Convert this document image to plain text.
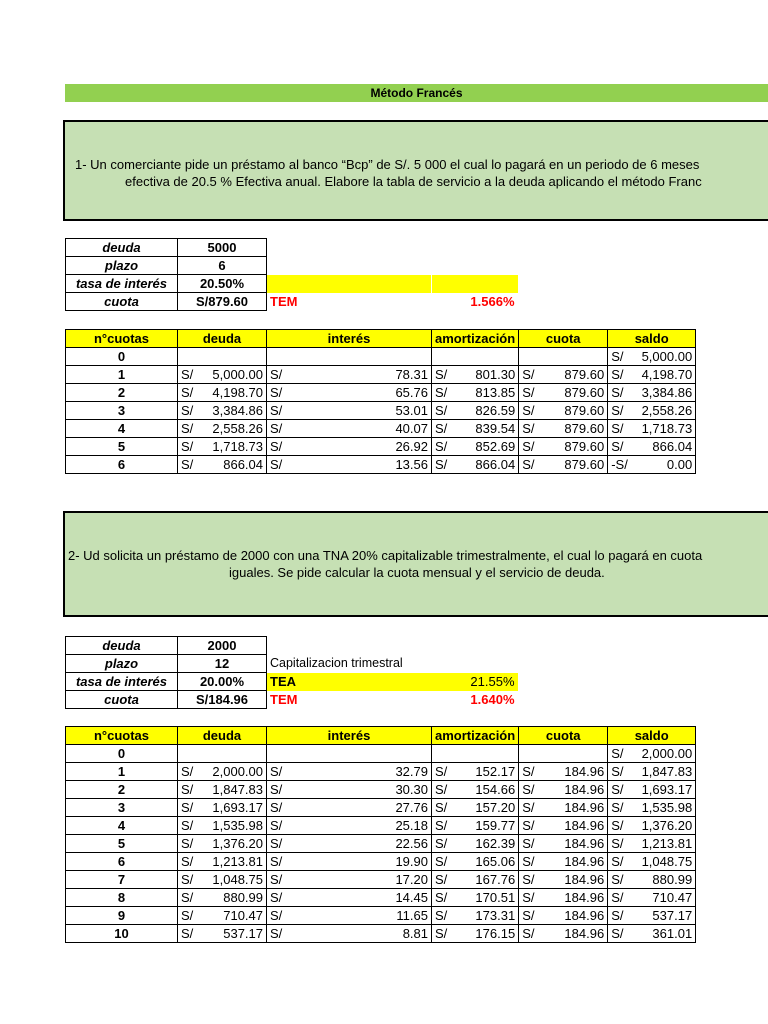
Método Francés
1- Un comerciante pide un préstamo al banco “Bcp” de S/. 5 000 el cual lo pagará en un periodo de 6 meses
efectiva de 20.5 % Efectiva anual. Elabore la tabla de servicio a la deuda aplicando el método Franc
deuda	5000		
plazo	6		
tasa de interés	20.50%		
cuota	S/879.60	TEM	1.566%
n°cuotas	deuda	interés	amortización	cuota	saldo
0					S/ 5,000.00

1	S/ 5,000.00	S/ 78.31	S/ 801.30	S/ 879.60	S/ 4,198.70

2	S/ 4,198.70	S/ 65.76	S/ 813.85	S/ 879.60	S/ 3,384.86

3	S/ 3,384.86	S/ 53.01	S/ 826.59	S/ 879.60	S/ 2,558.26

4	S/ 2,558.26	S/ 40.07	S/ 839.54	S/ 879.60	S/ 1,718.73

5	S/ 1,718.73	S/ 26.92	S/ 852.69	S/ 879.60	S/ 866.04

6	S/ 866.04	S/ 13.56	S/ 866.04	S/ 879.60	-S/ 0.00
2- Ud solicita un préstamo de 2000 con una TNA 20% capitalizable trimestralmente, el cual lo pagará en cuota
iguales. Se pide calcular la cuota mensual y el servicio de deuda.
deuda	2000		
plazo	12	Capitalizacion trimestral	
tasa de interés	20.00%	TEA	21.55%
cuota	S/184.96	TEM	1.640%
n°cuotas	deuda	interés	amortización	cuota	saldo
0					S/ 2,000.00

1	S/ 2,000.00	S/ 32.79	S/ 152.17	S/ 184.96	S/ 1,847.83

2	S/ 1,847.83	S/ 30.30	S/ 154.66	S/ 184.96	S/ 1,693.17

3	S/ 1,693.17	S/ 27.76	S/ 157.20	S/ 184.96	S/ 1,535.98

4	S/ 1,535.98	S/ 25.18	S/ 159.77	S/ 184.96	S/ 1,376.20

5	S/ 1,376.20	S/ 22.56	S/ 162.39	S/ 184.96	S/ 1,213.81

6	S/ 1,213.81	S/ 19.90	S/ 165.06	S/ 184.96	S/ 1,048.75

7	S/ 1,048.75	S/ 17.20	S/ 167.76	S/ 184.96	S/ 880.99

8	S/ 880.99	S/ 14.45	S/ 170.51	S/ 184.96	S/ 710.47

9	S/ 710.47	S/ 11.65	S/ 173.31	S/ 184.96	S/ 537.17

10	S/ 537.17	S/ 8.81	S/ 176.15	S/ 184.96	S/ 361.01
